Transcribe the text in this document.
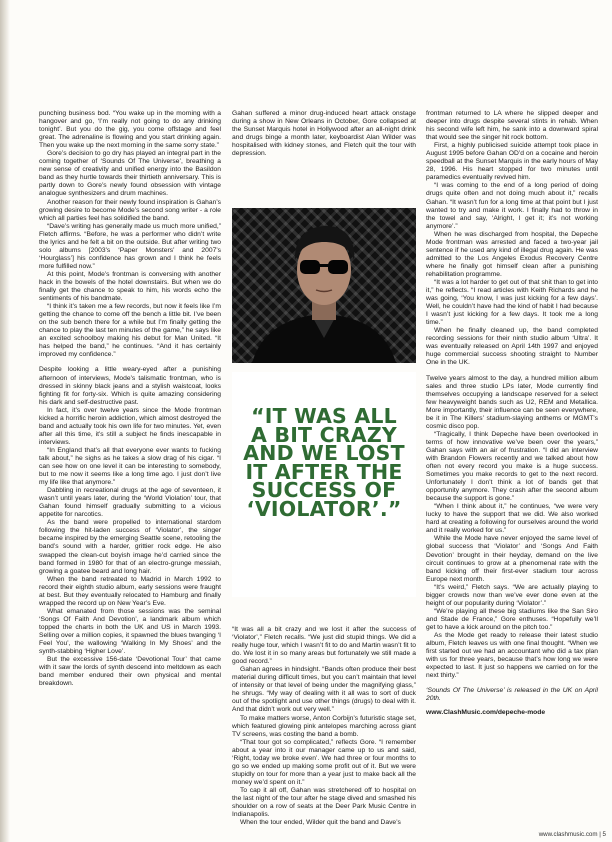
punching business bod. “You wake up in the morning with a hangover and go, ‘I’m really not going to do any drinking tonight’. But you do the gig, you come offstage and feel great. The adrenaline is flowing and you start drinking again. Then you wake up the next morning in the same sorry state.”

Gore’s decision to go dry has played an integral part in the coming together of ‘Sounds Of The Universe’, breathing a new sense of creativity and unified energy into the Basildon band as they hurtle towards their thirtieth anniversary. This is partly down to Gore’s newly found obsession with vintage analogue synthesizers and drum machines.

Another reason for their newly found inspiration is Gahan’s growing desire to become Mode’s second song writer - a role which all parties feel has solidified the band.

“Dave’s writing has generally made us much more unified,” Fletch affirms. “Before, he was a performer who didn’t write the lyrics and he felt a bit on the outside. But after writing two solo albums [2003’s ‘Paper Monsters’ and 2007’s ‘Hourglass’] his confidence has grown and I think he feels more fulfilled now.”

At this point, Mode’s frontman is conversing with another hack in the bowels of the hotel downstairs. But when we do finally get the chance to speak to him, his words echo the sentiments of his bandmate.

“I think it’s taken me a few records, but now it feels like I’m getting the chance to come off the bench a little bit. I’ve been on the sub bench there for a while but I’m finally getting the chance to play the last ten minutes of the game,” he says like an excited schoolboy making his debut for Man United. “It has helped the band,” he continues. “And it has certainly improved my confidence.”

Despite looking a little weary-eyed after a punishing afternoon of interviews, Mode’s talismatic frontman, who is dressed in skinny black jeans and a stylish waistcoat, looks fighting fit for forty-six. Which is quite amazing considering his dark and self-destructive past.

In fact, it’s over twelve years since the Mode frontman kicked a horrific heroin addiction, which almost destroyed the band and actually took his own life for two minutes. Yet, even after all this time, it’s still a subject he finds inescapable in interviews.

“In England that’s all that everyone ever wants to fucking talk about,” he sighs as he takes a slow drag of his cigar. “I can see how on one level it can be interesting to somebody, but to me now it seems like a long time ago. I just don’t live my life like that anymore.”

Dabbling in recreational drugs at the age of seventeen, it wasn’t until years later, during the ‘World Violation’ tour, that Gahan found himself gradually submitting to a vicious appetite for narcotics.

As the band were propelled to international stardom following the hit-laden success of ‘Violator’, the singer became inspired by the emerging Seattle scene, retooling the band’s sound with a harder, grittier rock edge. He also swapped the clean-cut boyish image he’d carried since the band formed in 1980 for that of an electro-grunge messiah, growing a goatee beard and long hair.

When the band retreated to Madrid in March 1992 to record their eighth studio album, early sessions were fraught at best. But they eventually relocated to Hamburg and finally wrapped the record up on New Year’s Eve.

What emanated from those sessions was the seminal ‘Songs Of Faith And Devotion’, a landmark album which topped the charts in both the UK and US in March 1993. Selling over a million copies, it spawned the blues twanging ‘I Feel You’, the wallowing ‘Walking In My Shoes’ and the synth-stabbing ‘Higher Love’.

But the excessive 156-date ‘Devotional Tour’ that came with it saw the lords of synth descend into meltdown as each band member endured their own physical and mental breakdown.

Gahan suffered a minor drug-induced heart attack onstage during a show in New Orleans in October, Gore collapsed at the Sunset Marquis hotel in Hollywood after an all-night drink and drugs binge a month later, keyboardist Alan Wilder was hospitalised with kidney stones, and Fletch quit the tour with depression.

“IT WAS ALL A BIT CRAZY AND WE LOST IT AFTER THE SUCCESS OF ‘VIOLATOR’.”

“It was all a bit crazy and we lost it after the success of ‘Violator’,” Fletch recalls. “We just did stupid things. We did a really huge tour, which I wasn’t fit to do and Martin wasn’t fit to do. We lost it in so many areas but fortunately we still made a good record.”

Gahan agrees in hindsight. “Bands often produce their best material during difficult times, but you can’t maintain that level of intensity or that level of being under the magnifying glass,” he shrugs. “My way of dealing with it all was to sort of duck out of the spotlight and use other things (drugs) to deal with it. And that didn’t work out very well.”

To make matters worse, Anton Corbijn’s futuristic stage set, which featured glowing pink antelopes marching across giant TV screens, was costing the band a bomb.

“That tour got so complicated,” reflects Gore. “I remember about a year into it our manager came up to us and said, ‘Right, today we broke even’. We had three or four months to go so we ended up making some profit out of it. But we were stupidly on tour for more than a year just to make back all the money we’d spent on it.”

To cap it all off, Gahan was stretchered off to hospital on the last night of the tour after he stage dived and smashed his shoulder on a row of seats at the Deer Park Music Centre in Indianapolis.

When the tour ended, Wilder quit the band and Dave’s

frontman returned to LA where he slipped deeper and deeper into drugs despite several stints in rehab. When his second wife left him, he sank into a downward spiral that would see the singer hit rock bottom.

First, a highly publicised suicide attempt took place in August 1995 before Gahan OD’d on a cocaine and heroin speedball at the Sunset Marquis in the early hours of May 28, 1996. His heart stopped for two minutes until paramedics eventually revived him.

“I was coming to the end of a long period of doing drugs quite often and not doing much about it,” recalls Gahan. “It wasn’t fun for a long time at that point but I just wanted to try and make it work. I finally had to throw in the towel and say, ‘Alright, I get it; it’s not working anymore’.”

When he was discharged from hospital, the Depeche Mode frontman was arrested and faced a two-year jail sentence if he used any kind of illegal drug again. He was admitted to the Los Angeles Exodus Recovery Centre where he finally got himself clean after a punishing rehabilitation programme.

“It was a lot harder to get out of that shit than to get into it,” he reflects. “I read articles with Keith Richards and he was going, ‘You know, I was just kicking for a few days’. Well, he couldn’t have had the kind of habit I had because I wasn’t just kicking for a few days. It took me a long time.”

When he finally cleaned up, the band completed recording sessions for their ninth studio album ‘Ultra’. It was eventually released on April 14th 1997 and enjoyed huge commercial success shooting straight to Number One in the UK.

Twelve years almost to the day, a hundred million album sales and three studio LPs later, Mode currently find themselves occupying a landscape reserved for a select few heavyweight bands such as U2, REM and Metallica. More importantly, their influence can be seen everywhere, be it in The Killers’ stadium-slaying anthems or MGMT’s cosmic disco pop.

“Tragically, I think Depeche have been overlooked in terms of how innovative we’ve been over the years,” Gahan says with an air of frustration. “I did an interview with Brandon Flowers recently and we talked about how often not every record you make is a huge success. Sometimes you make records to get to the next record. Unfortunately I don’t think a lot of bands get that opportunity anymore. They crash after the second album because the support is gone.”

“When I think about it,” he continues, “we were very lucky to have the support that we did. We also worked hard at creating a following for ourselves around the world and it really worked for us.”

While the Mode have never enjoyed the same level of global success that ‘Violator’ and ‘Songs And Faith Devotion’ brought in their heyday, demand on the live circuit continues to grow at a phenomenal rate with the band kicking off their first-ever stadium tour across Europe next month.

“It’s weird,” Fletch says. “We are actually playing to bigger crowds now than we’ve ever done even at the height of our popularity during ‘Violator’.”

“We’re playing all these big stadiums like the San Siro and Stade de France,” Gore enthuses. “Hopefully we’ll get to have a kick around on the pitch too.”

As the Mode get ready to release their latest studio album, Fletch leaves us with one final thought. “When we first started out we had an accountant who did a tax plan with us for three years, because that’s how long we were expected to last. It just so happens we carried on for the next thirty.”

‘Sounds Of The Universe’ is released in the UK on April 20th.

www.ClashMusic.com/depeche-mode

www.clashmusic.com | 5
